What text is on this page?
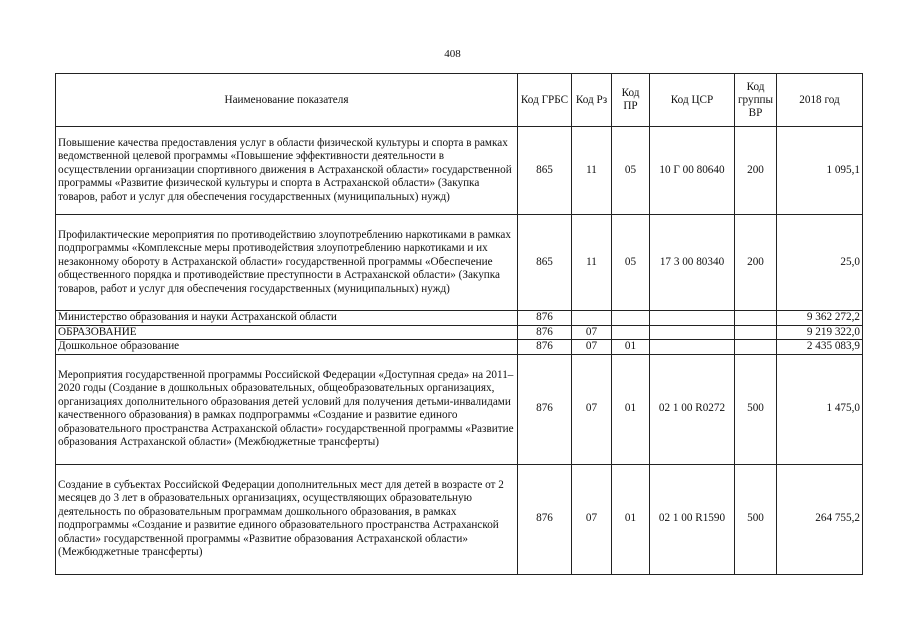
408
Наименование показателя	Код ГРБС	Код Рз	Код ПР	Код ЦСР	Код группы ВР	2018 год
Повышение качества предоставления услуг в области физической культуры и спорта в рамках ведомственной целевой программы «Повышение эффективности деятельности в осуществлении организации спортивного движения в Астраханской области» государственной программы «Развитие физической культуры и спорта в Астраханской области» (Закупка товаров, работ и услуг для обеспечения государственных (муниципальных) нужд)	865	11	05	10 Г 00 80640	200	1 095,1
Профилактические мероприятия по противодействию злоупотреблению наркотиками в рамках подпрограммы «Комплексные меры противодействия злоупотреблению наркотиками и их незаконному обороту в Астраханской области» государственной программы «Обеспечение общественного порядка и противодействие преступности в Астраханской области» (Закупка товаров, работ и услуг для обеспечения государственных (муниципальных) нужд)	865	11	05	17 3 00 80340	200	25,0
Министерство образования и науки Астраханской области	876					9 362 272,2
ОБРАЗОВАНИЕ	876	07				9 219 322,0
Дошкольное образование	876	07	01			2 435 083,9
Мероприятия государственной программы Российской Федерации «Доступная среда» на 2011–2020 годы (Создание в дошкольных образовательных, общеобразовательных организациях, организациях дополнительного образования детей условий для получения детьми-инвалидами качественного образования) в рамках подпрограммы «Создание и развитие единого образовательного пространства Астраханской области» государственной программы «Развитие образования Астраханской области» (Межбюджетные трансферты)	876	07	01	02 1 00 R0272	500	1 475,0
Создание в субъектах Российской Федерации дополнительных мест для детей в возрасте от 2 месяцев до 3 лет в образовательных организациях, осуществляющих образовательную деятельность по образовательным программам дошкольного образования, в рамках подпрограммы «Создание и развитие единого образовательного пространства Астраханской области» государственной программы «Развитие образования Астраханской области» (Межбюджетные трансферты)	876	07	01	02 1 00 R1590	500	264 755,2
